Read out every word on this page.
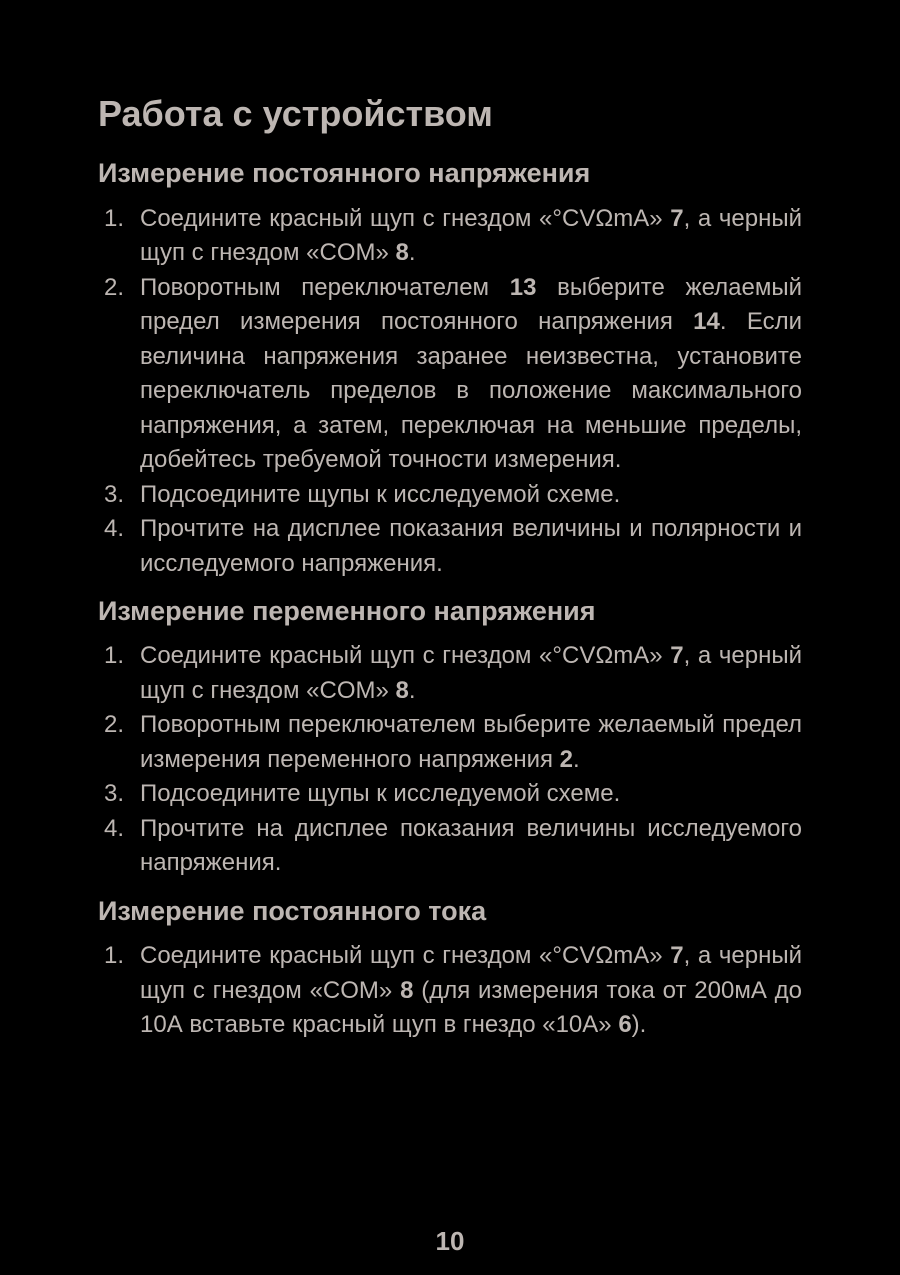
Работа с устройством
Измерение постоянного напряжения
1. Соедините красный щуп с гнездом «°CVΩmA» 7, а черный щуп с гнездом «COM» 8.
2. Поворотным переключателем 13 выберите желаемый предел измерения постоянного напряжения 14. Если величина напряжения заранее неизвестна, установите переключатель пределов в положение максимального напряжения, а затем, переключая на меньшие пределы, добейтесь требуемой точности измерения.
3. Подсоедините щупы к исследуемой схеме.
4. Прочтите на дисплее показания величины и полярности и исследуемого напряжения.
Измерение переменного напряжения
1. Соедините красный щуп с гнездом «°CVΩmA» 7, а черный щуп с гнездом «COM» 8.
2. Поворотным переключателем выберите желаемый предел измерения переменного напряжения 2.
3. Подсоедините щупы к исследуемой схеме.
4. Прочтите на дисплее показания величины исследуемого напряжения.
Измерение постоянного тока
1. Соедините красный щуп с гнездом «°CVΩmA» 7, а черный щуп с гнездом «COM» 8 (для измерения тока от 200мА до 10А вставьте красный щуп в гнездо «10А» 6).
10
